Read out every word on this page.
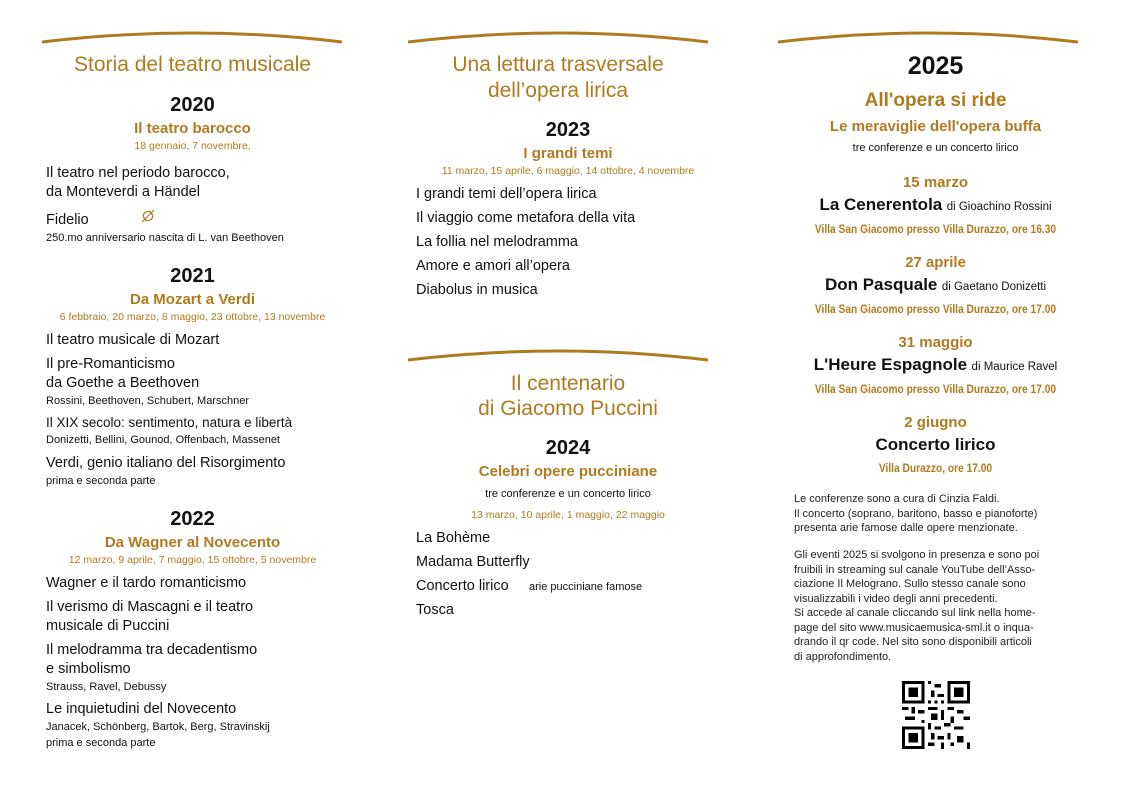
Storia del teatro musicale
2020
Il teatro barocco
18 gennaio, 7 novembre,
Il teatro nel periodo barocco,
da Monteverdi a Händel
Fidelio
250.mo anniversario nascita di L. van Beethoven
2021
Da Mozart a Verdi
6 febbraio, 20 marzo, 8 maggio, 23 ottobre, 13 novembre
Il teatro musicale di Mozart
Il pre-Romanticismo
da Goethe a Beethoven
Rossini, Beethoven, Schubert, Marschner
Il XIX secolo: sentimento, natura e libertà
Donizetti, Bellini, Gounod, Offenbach, Massenet
Verdi, genio italiano del Risorgimento
prima e seconda parte
2022
Da Wagner al Novecento
12 marzo, 9 aprile, 7 maggio, 15 ottobre, 5 novembre
Wagner e il tardo romanticismo
Il verismo di Mascagni e il teatro
musicale di Puccini
Il melodramma tra decadentismo
e simbolismo
Strauss, Ravel, Debussy
Le inquietudini del Novecento
Janacek, Schönberg, Bartok, Berg, Stravinskij
prima e seconda parte
Una lettura trasversale
dell’opera lirica
2023
I grandi temi
11 marzo, 15 aprile, 6 maggio, 14 ottobre, 4 novembre
I grandi temi dell’opera lirica
Il viaggio come metafora della vita
La follia nel melodramma
Amore e amori all’opera
Diabolus in musica
Il centenario
di Giacomo Puccini
2024
Celebri opere pucciniane
tre conferenze e un concerto lirico
13 marzo, 10 aprile, 1 maggio, 22 maggio
La Bohème
Madama Butterfly
Concerto lirico arie pucciniane famose
Tosca
2025
All'opera si ride
Le meraviglie dell'opera buffa
tre conferenze e un concerto lirico
15 marzo
La Cenerentola di Gioachino Rossini
Villa San Giacomo presso Villa Durazzo, ore 16.30
27 aprile
Don Pasquale di Gaetano Donizetti
Villa San Giacomo presso Villa Durazzo, ore 17.00
31 maggio
L'Heure Espagnole di Maurice Ravel
Villa San Giacomo presso Villa Durazzo, ore 17.00
2 giugno
Concerto lirico
Villa Durazzo, ore 17.00
Le conferenze sono a cura di Cinzia Faldi.
Il concerto (soprano, baritono, basso e pianoforte)
presenta arie famose dalle opere menzionate.
Gli eventi 2025 si svolgono in presenza e sono poi
fruibili in streaming sul canale YouTube dell’Asso-
ciazione Il Melograno. Sullo stesso canale sono
visualizzabili i video degli anni precedenti.
Si accede al canale cliccando sul link nella home-
page del sito www.musicaemusica-sml.it o inqua-
drando il qr code. Nel sito sono disponibili articoli
di approfondimento.
